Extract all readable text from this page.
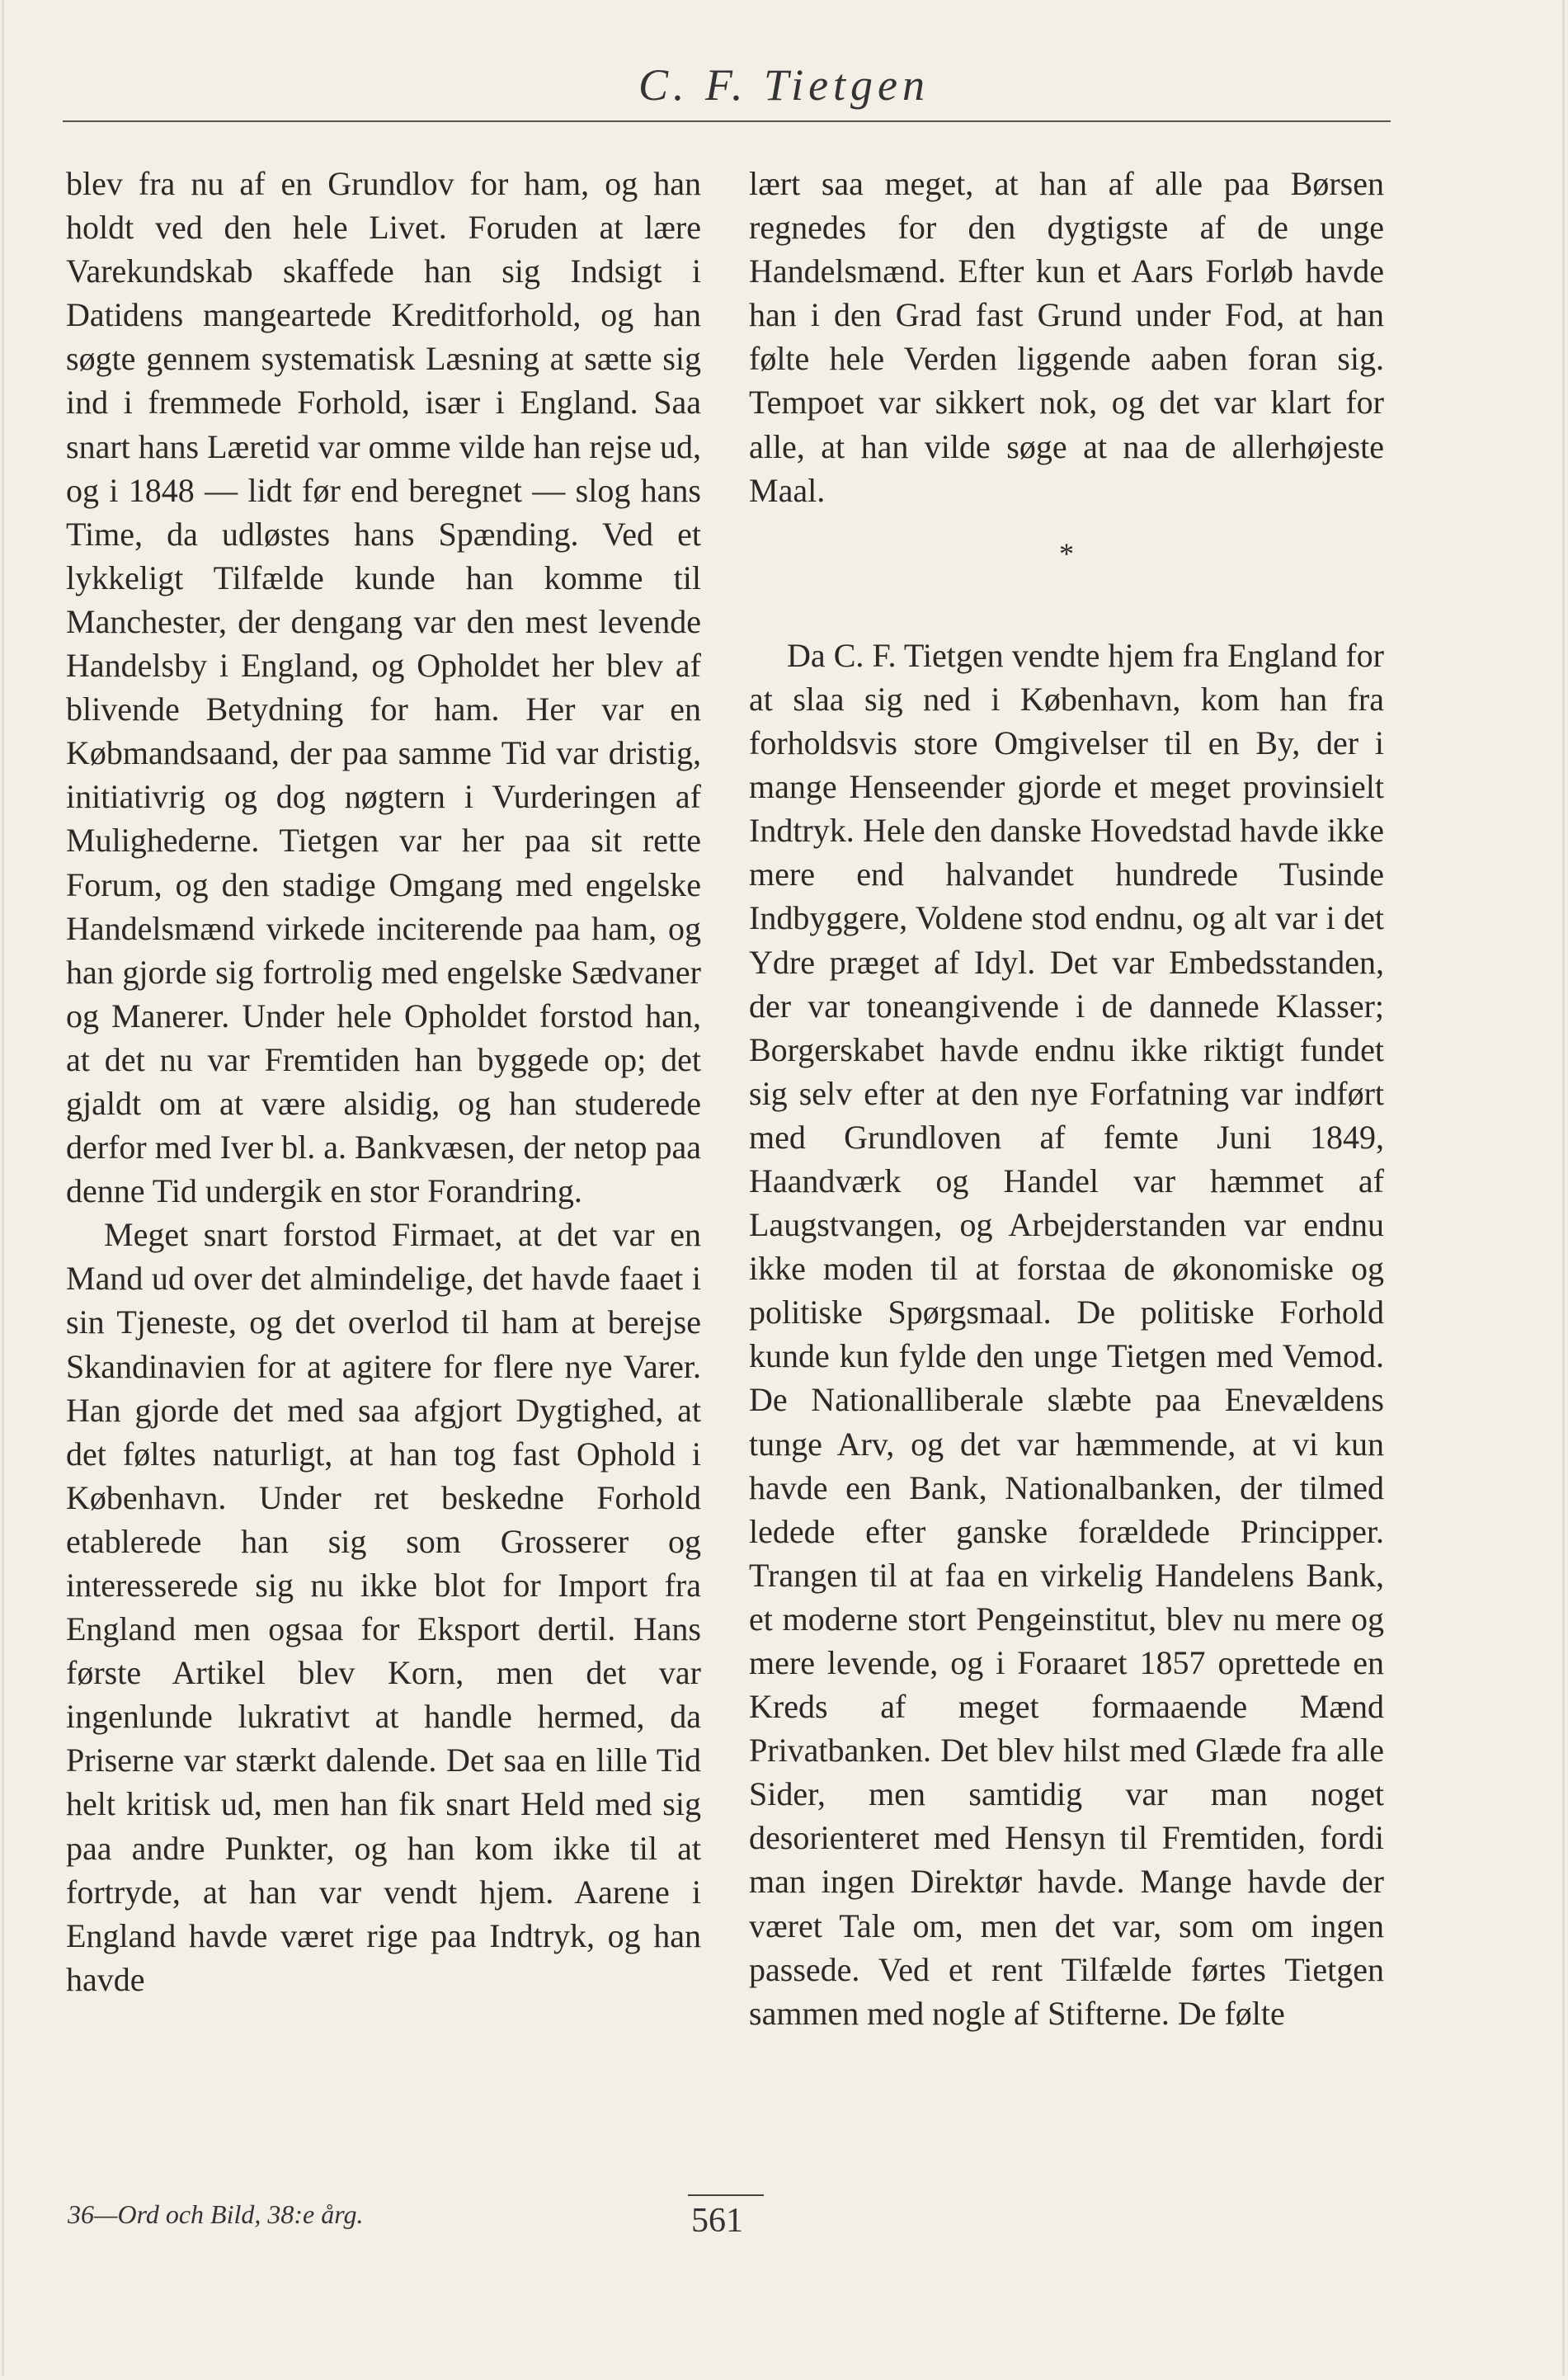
C. F. Tietgen

blev fra nu af en Grundlov for ham, og han holdt ved den hele Livet. Foruden at lære Varekundskab skaffede han sig Indsigt i Datidens mangeartede Kreditforhold, og han søgte gennem systematisk Læsning at sætte sig ind i fremmede Forhold, især i England. Saa snart hans Læretid var omme vilde han rejse ud, og i 1848 — lidt før end beregnet — slog hans Time, da udløstes hans Spænding. Ved et lykkeligt Tilfælde kunde han komme til Manchester, der dengang var den mest levende Handelsby i England, og Opholdet her blev af blivende Betydning for ham. Her var en Købmandsaand, der paa samme Tid var dristig, initiativrig og dog nøgtern i Vurderingen af Mulighederne. Tietgen var her paa sit rette Forum, og den stadige Omgang med engelske Handelsmænd virkede inciterende paa ham, og han gjorde sig fortrolig med engelske Sædvaner og Manerer. Under hele Opholdet forstod han, at det nu var Fremtiden han byggede op; det gjaldt om at være alsidig, og han studerede derfor med Iver bl. a. Bankvæsen, der netop paa denne Tid undergik en stor Forandring.

Meget snart forstod Firmaet, at det var en Mand ud over det almindelige, det havde faaet i sin Tjeneste, og det overlod til ham at berejse Skandinavien for at agitere for flere nye Varer. Han gjorde det med saa afgjort Dygtighed, at det føltes naturligt, at han tog fast Ophold i København. Under ret beskedne Forhold etablerede han sig som Grosserer og interesserede sig nu ikke blot for Import fra England men ogsaa for Eksport dertil. Hans første Artikel blev Korn, men det var ingenlunde lukrativt at handle hermed, da Priserne var stærkt dalende. Det saa en lille Tid helt kritisk ud, men han fik snart Held med sig paa andre Punkter, og han kom ikke til at fortryde, at han var vendt hjem. Aarene i England havde været rige paa Indtryk, og han havde

lært saa meget, at han af alle paa Børsen regnedes for den dygtigste af de unge Handelsmænd. Efter kun et Aars Forløb havde han i den Grad fast Grund under Fod, at han følte hele Verden liggende aaben foran sig. Tempoet var sikkert nok, og det var klart for alle, at han vilde søge at naa de allerhøjeste Maal.

*

Da C. F. Tietgen vendte hjem fra England for at slaa sig ned i København, kom han fra forholdsvis store Omgivelser til en By, der i mange Henseender gjorde et meget provinsielt Indtryk. Hele den danske Hovedstad havde ikke mere end halvandet hundrede Tusinde Indbyggere, Voldene stod endnu, og alt var i det Ydre præget af Idyl. Det var Embedsstanden, der var toneangivende i de dannede Klasser; Borgerskabet havde endnu ikke riktigt fundet sig selv efter at den nye Forfatning var indført med Grundloven af femte Juni 1849, Haandværk og Handel var hæmmet af Laugstvangen, og Arbejderstanden var endnu ikke moden til at forstaa de økonomiske og politiske Spørgsmaal. De politiske Forhold kunde kun fylde den unge Tietgen med Vemod. De Nationalliberale slæbte paa Enevældens tunge Arv, og det var hæmmende, at vi kun havde een Bank, Nationalbanken, der tilmed ledede efter ganske forældede Principper. Trangen til at faa en virkelig Handelens Bank, et moderne stort Pengeinstitut, blev nu mere og mere levende, og i Foraaret 1857 oprettede en Kreds af meget formaaende Mænd Privatbanken. Det blev hilst med Glæde fra alle Sider, men samtidig var man noget desorienteret med Hensyn til Fremtiden, fordi man ingen Direktør havde. Mange havde der været Tale om, men det var, som om ingen passede. Ved et rent Tilfælde førtes Tietgen sammen med nogle af Stifterne. De følte

36—Ord och Bild, 38:e årg.	561
